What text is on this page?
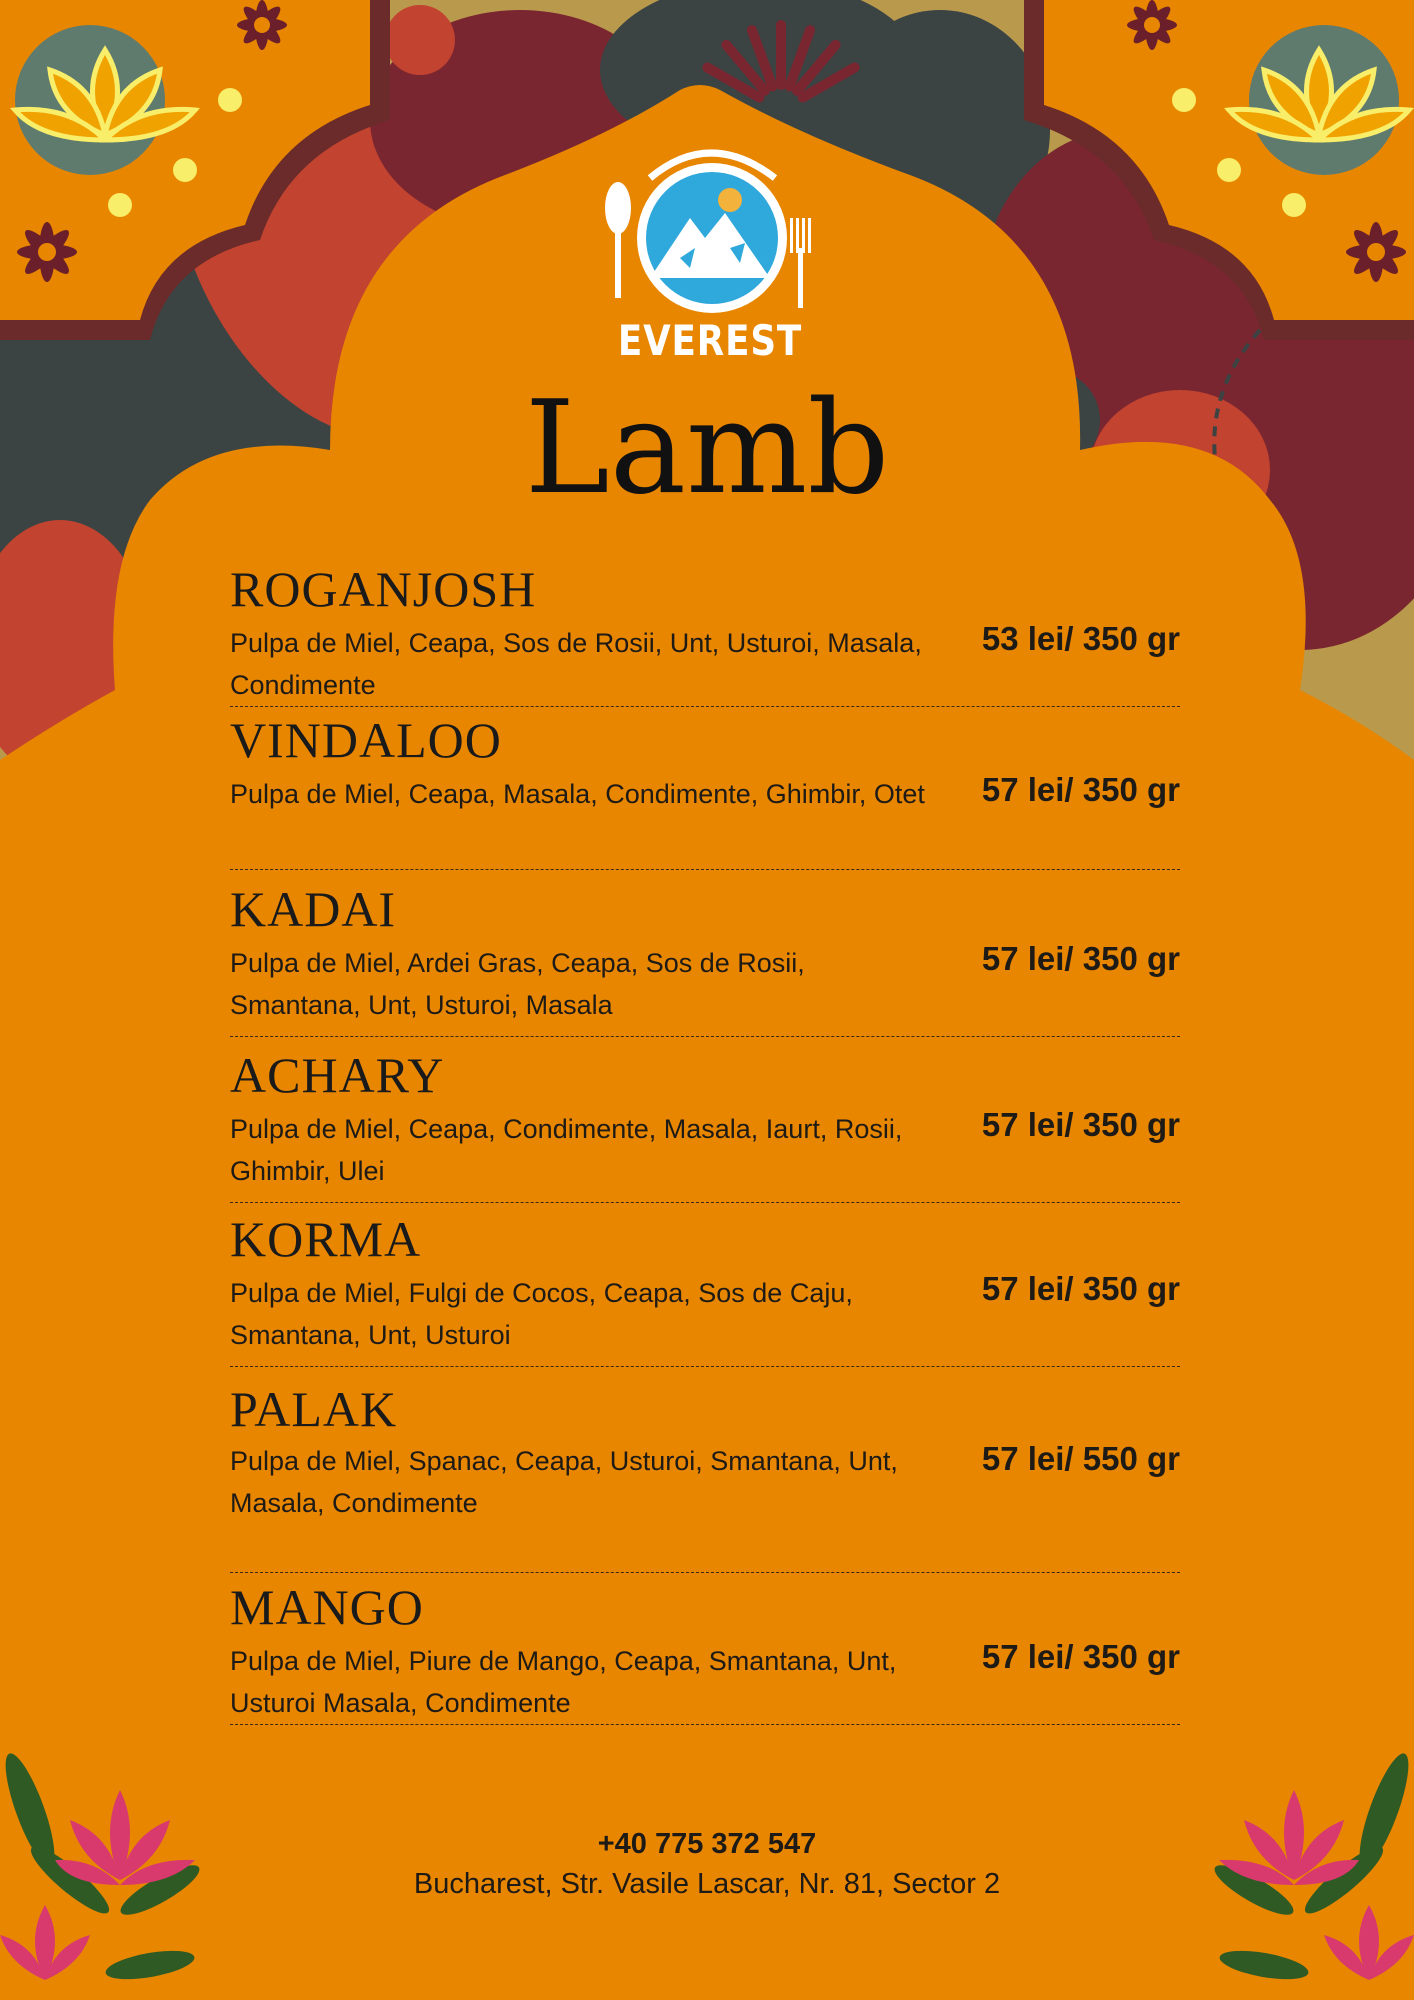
EVEREST
Lamb
ROGANJOSH
Pulpa de Miel, Ceapa, Sos de Rosii, Unt, Usturoi, Masala, Condimente
53 lei/ 350 gr
VINDALOO
Pulpa de Miel, Ceapa, Masala, Condimente, Ghimbir, Otet 57 lei/ 350 gr
KADAI
Pulpa de Miel, Ardei Gras, Ceapa, Sos de Rosii, Smantana, Unt, Usturoi, Masala
57 lei/ 350 gr
ACHARY
Pulpa de Miel, Ceapa, Condimente, Masala, Iaurt, Rosii, Ghimbir, Ulei
57 lei/ 350 gr
KORMA
Pulpa de Miel, Fulgi de Cocos, Ceapa, Sos de Caju, Smantana, Unt, Usturoi
57 lei/ 350 gr
PALAK
Pulpa de Miel, Spanac, Ceapa, Usturoi, Smantana, Unt, Masala, Condimente
57 lei/ 550 gr
MANGO
Pulpa de Miel, Piure de Mango, Ceapa, Smantana, Unt, Usturoi Masala, Condimente
57 lei/ 350 gr
+40 775 372 547
Bucharest, Str. Vasile Lascar, Nr. 81, Sector 2
